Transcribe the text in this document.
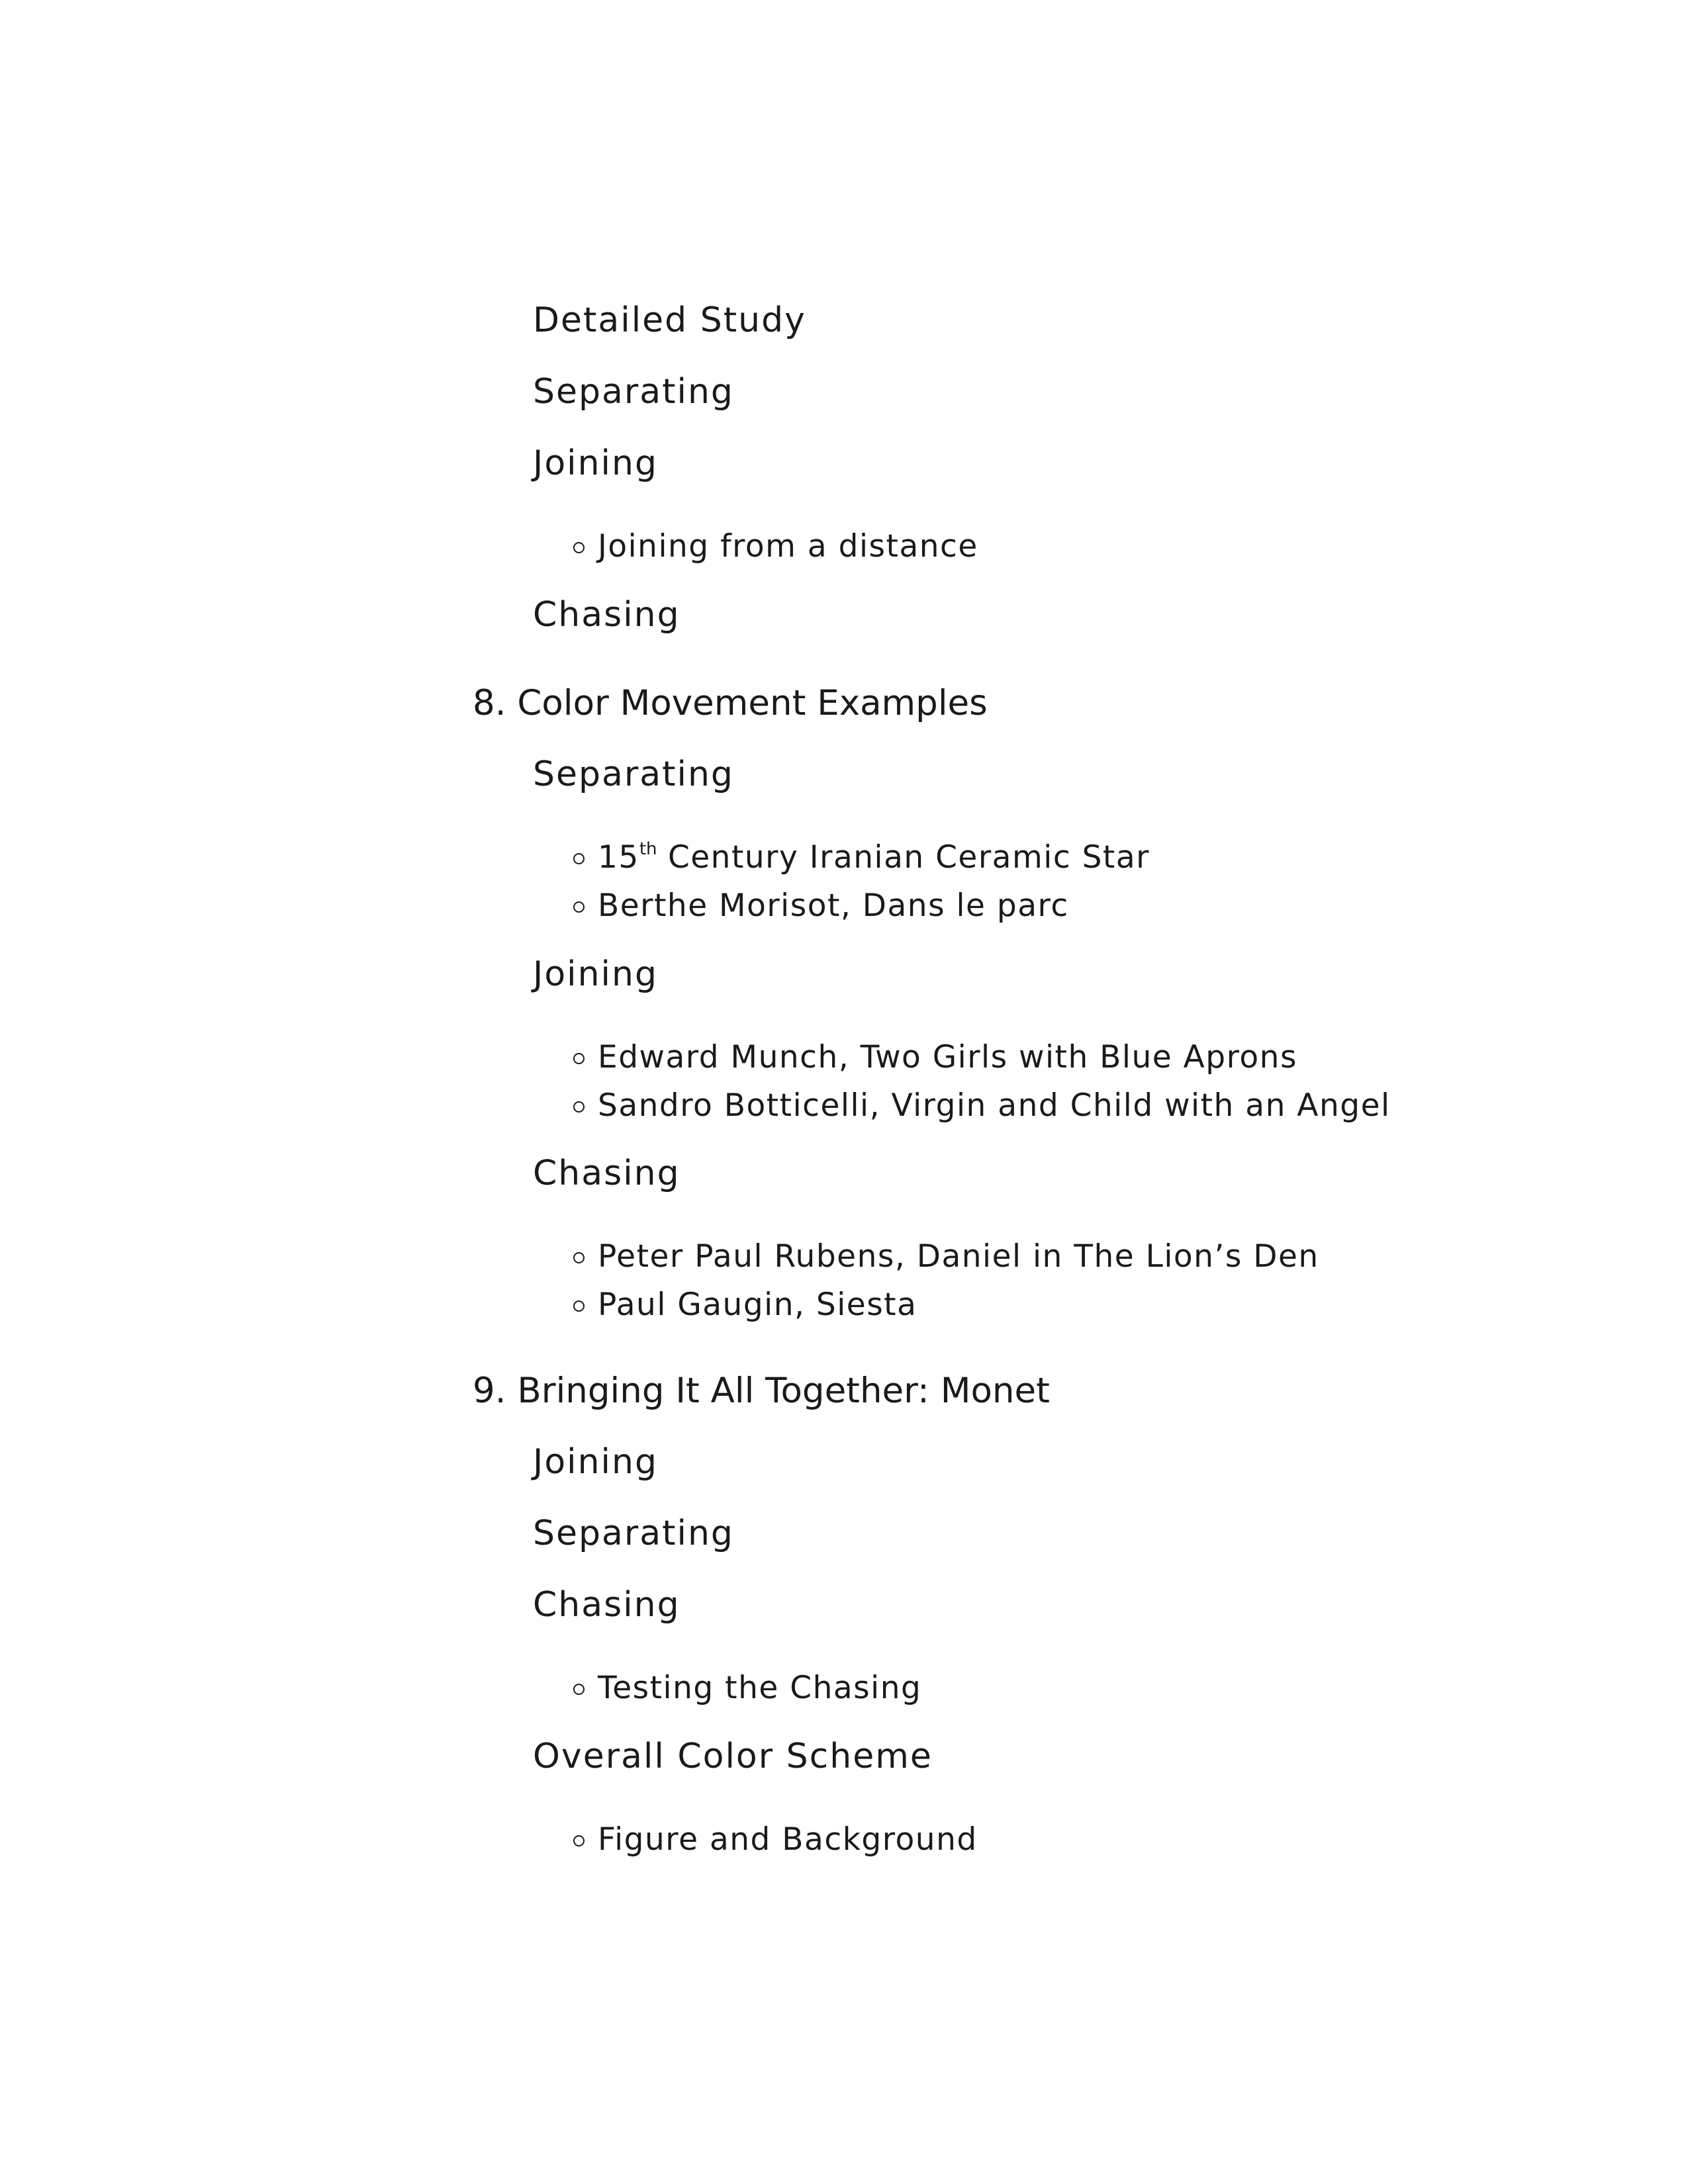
Detailed Study
Separating
Joining
Joining from a distance
Chasing
8. Color Movement Examples
Separating
15th Century Iranian Ceramic Star
Berthe Morisot, Dans le parc
Joining
Edward Munch, Two Girls with Blue Aprons
Sandro Botticelli, Virgin and Child with an Angel
Chasing
Peter Paul Rubens, Daniel in The Lion’s Den
Paul Gaugin, Siesta
9. Bringing It All Together: Monet
Joining
Separating
Chasing
Testing the Chasing
Overall Color Scheme
Figure and Background
